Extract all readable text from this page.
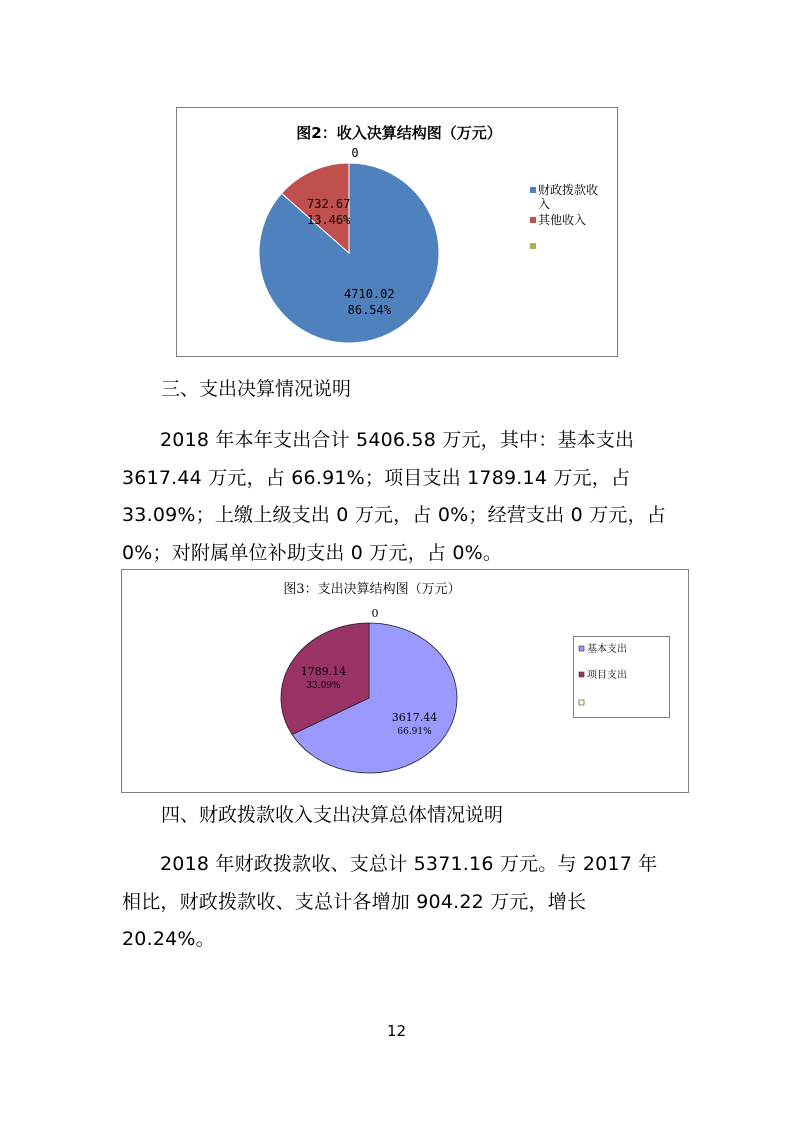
图2：收入决算结构图（万元）
4710.02
86.54%
732.67
13.46%
0
财政拨款收
入
其他收入
三、支出决算情况说明

2018 年本年支出合计 5406.58 万元，其中：基本支出3617.44 万元，占 66.91%；项目支出 1789.14 万元，占33.09%；上缴上级支出 0 万元，占 0%；经营支出 0 万元，占 0%；对附属单位补助支出 0 万元，占 0%。

图3：支出决算结构图（万元）
3617.44
66.91%
1789.14
33.09%
0
基本支出
项目支出
四、财政拨款收入支出决算总体情况说明

2018 年财政拨款收、支总计 5371.16 万元。与 2017 年相比，财政拨款收、支总计各增加 904.22 万元，增长 20.24%。

12
